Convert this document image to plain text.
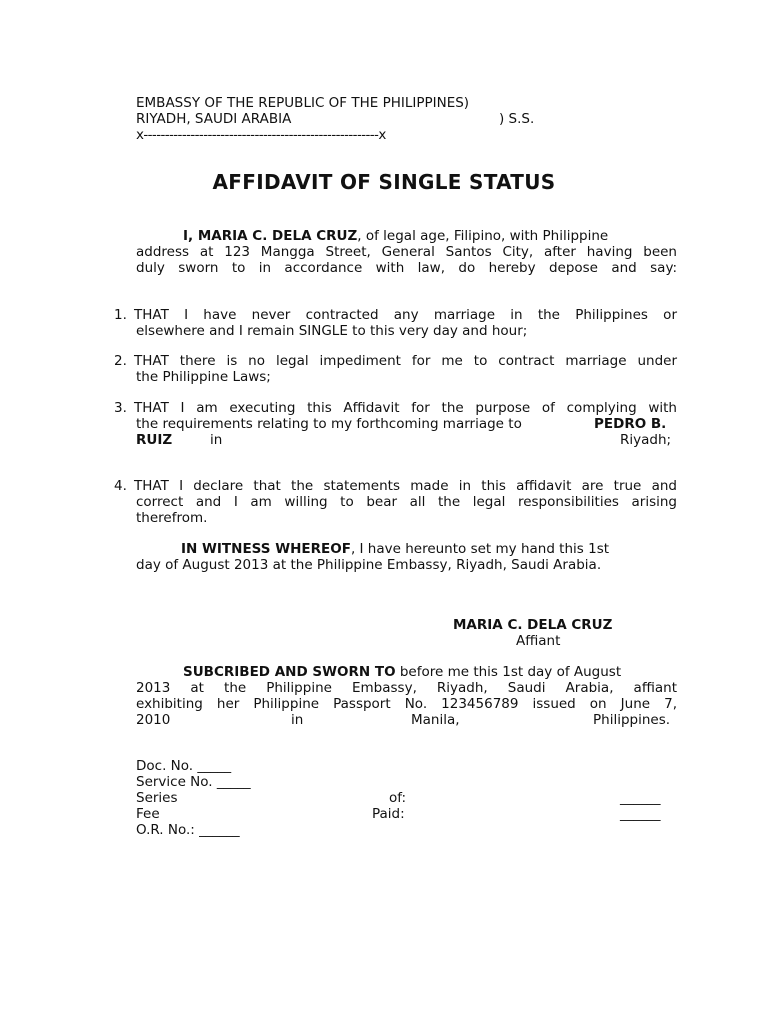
EMBASSY OF THE REPUBLIC OF THE PHILIPPINES)
RIYADH, SAUDI ARABIA	) S.S.
x-------------------------------------------------------x
AFFIDAVIT OF SINGLE STATUS
I, MARIA C. DELA CRUZ, of legal age, Filipino, with Philippine
address at 123 Mangga Street, General Santos City, after having been
duly sworn to in accordance with law, do hereby depose and say:
1. THAT I have never contracted any marriage in the Philippines or
elsewhere and I remain SINGLE to this very day and hour;
2. THAT there is no legal impediment for me to contract marriage under
the Philippine Laws;
3. THAT I am executing this Affidavit for the purpose of complying with
the requirements relating to my forthcoming marriage to	PEDRO B.
RUIZ	in	Riyadh;
4. THAT I declare that the statements made in this affidavit are true and
correct and I am willing to bear all the legal responsibilities arising
therefrom.
IN WITNESS WHEREOF, I have hereunto set my hand this 1st
day of August 2013 at the Philippine Embassy, Riyadh, Saudi Arabia.
MARIA C. DELA CRUZ
Affiant
SUBCRIBED AND SWORN TO before me this 1st day of August
2013 at the Philippine Embassy, Riyadh, Saudi Arabia, affiant
exhibiting her Philippine Passport No. 123456789 issued on June 7,
2010	in	Manila,	Philippines.
Doc. No. _____
Service No. _____
Series	of:	______
Fee	Paid:	______
O.R. No.: ______
